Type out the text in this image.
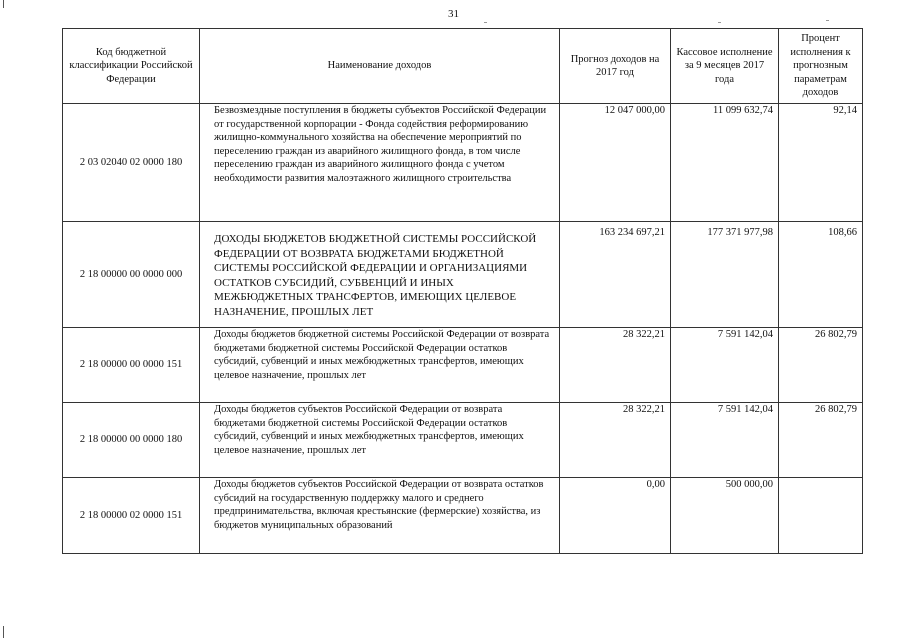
31
Код бюджетной классификации Российской Федерации	Наименование доходов	Прогноз доходов на 2017 год	Кассовое исполнение за 9 месяцев 2017 года	Процент исполнения к прогнозным параметрам доходов
2 03 02040 02 0000 180	Безвозмездные поступления в бюджеты субъектов Российской Федерации от государственной корпорации - Фонда содействия реформированию жилищно-коммунального хозяйства на обеспечение мероприятий по переселению граждан из аварийного жилищного фонда, в том числе переселению граждан из аварийного жилищного фонда с учетом необходимости развития малоэтажного жилищного строительства	12 047 000,00	11 099 632,74	92,14
2 18 00000 00 0000 000	ДОХОДЫ БЮДЖЕТОВ БЮДЖЕТНОЙ СИСТЕМЫ РОССИЙСКОЙ ФЕДЕРАЦИИ ОТ ВОЗВРАТА БЮДЖЕТАМИ БЮДЖЕТНОЙ СИСТЕМЫ РОССИЙСКОЙ ФЕДЕРАЦИИ И ОРГАНИЗАЦИЯМИ ОСТАТКОВ СУБСИДИЙ, СУБВЕНЦИЙ И ИНЫХ МЕЖБЮДЖЕТНЫХ ТРАНСФЕРТОВ, ИМЕЮЩИХ ЦЕЛЕВОЕ НАЗНАЧЕНИЕ, ПРОШЛЫХ ЛЕТ	163 234 697,21	177 371 977,98	108,66
2 18 00000 00 0000 151	Доходы бюджетов бюджетной системы Российской Федерации от возврата бюджетами бюджетной системы Российской Федерации остатков субсидий, субвенций и иных межбюджетных трансфертов, имеющих целевое назначение, прошлых лет	28 322,21	7 591 142,04	26 802,79
2 18 00000 00 0000 180	Доходы бюджетов субъектов Российской Федерации от возврата бюджетами бюджетной системы Российской Федерации остатков субсидий, субвенций и иных межбюджетных трансфертов, имеющих целевое назначение, прошлых лет	28 322,21	7 591 142,04	26 802,79
2 18 00000 02 0000 151	Доходы бюджетов субъектов Российской Федерации от возврата остатков субсидий на государственную поддержку малого и среднего предпринимательства, включая крестьянские (фермерские) хозяйства, из бюджетов муниципальных образований	0,00	500 000,00	
